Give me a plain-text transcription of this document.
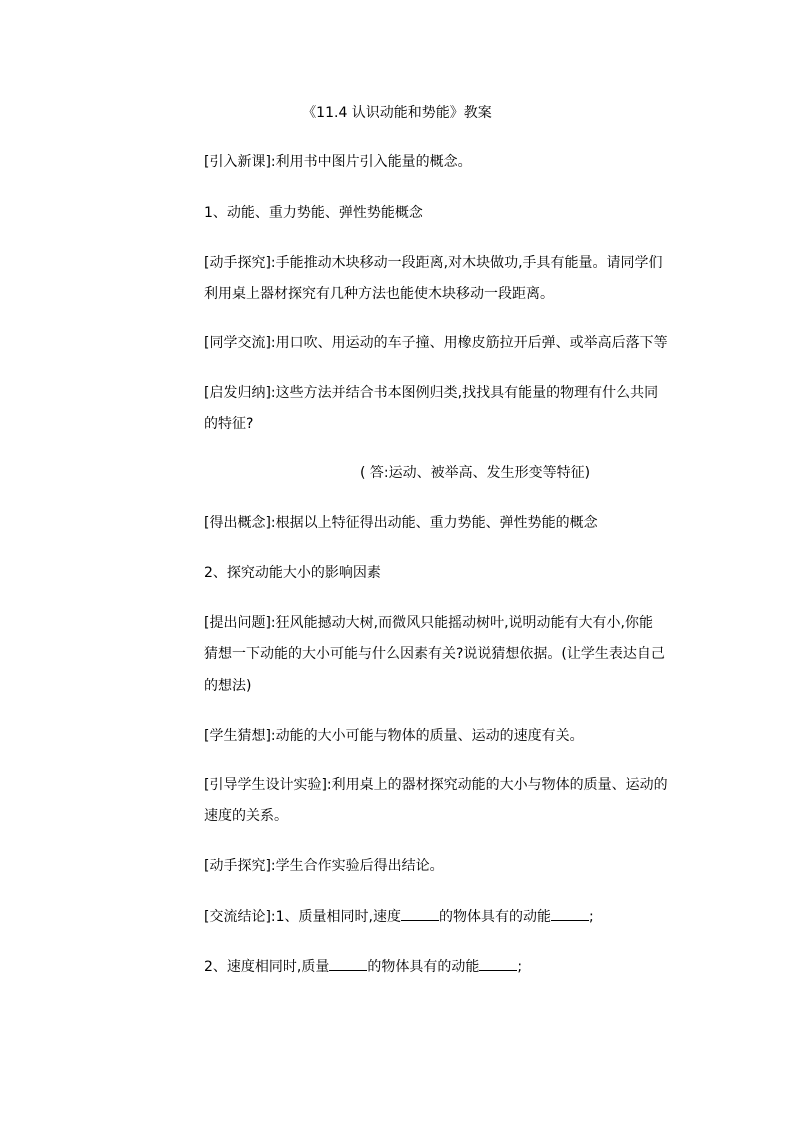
《11.4 认识动能和势能》教案
[引入新课]:利用书中图片引入能量的概念。
1、动能、重力势能、弹性势能概念
[动手探究]:手能推动木块移动一段距离,对木块做功,手具有能量。请同学们
利用桌上器材探究有几种方法也能使木块移动一段距离。
[同学交流]:用口吹、用运动的车子撞、用橡皮筋拉开后弹、或举高后落下等
[启发归纳]:这些方法并结合书本图例归类,找找具有能量的物理有什么共同
的特征?
( 答:运动、被举高、发生形变等特征)
[得出概念]:根据以上特征得出动能、重力势能、弹性势能的概念
2、探究动能大小的影响因素
[提出问题]:狂风能撼动大树,而微风只能摇动树叶,说明动能有大有小,你能
猜想一下动能的大小可能与什么因素有关?说说猜想依据。(让学生表达自己
的想法)
[学生猜想]:动能的大小可能与物体的质量、运动的速度有关。
[引导学生设计实验]:利用桌上的器材探究动能的大小与物体的质量、运动的
速度的关系。
[动手探究]:学生合作实验后得出结论。
[交流结论]:1、质量相同时,速度	的物体具有的动能	;
2、速度相同时,质量	的物体具有的动能	;
